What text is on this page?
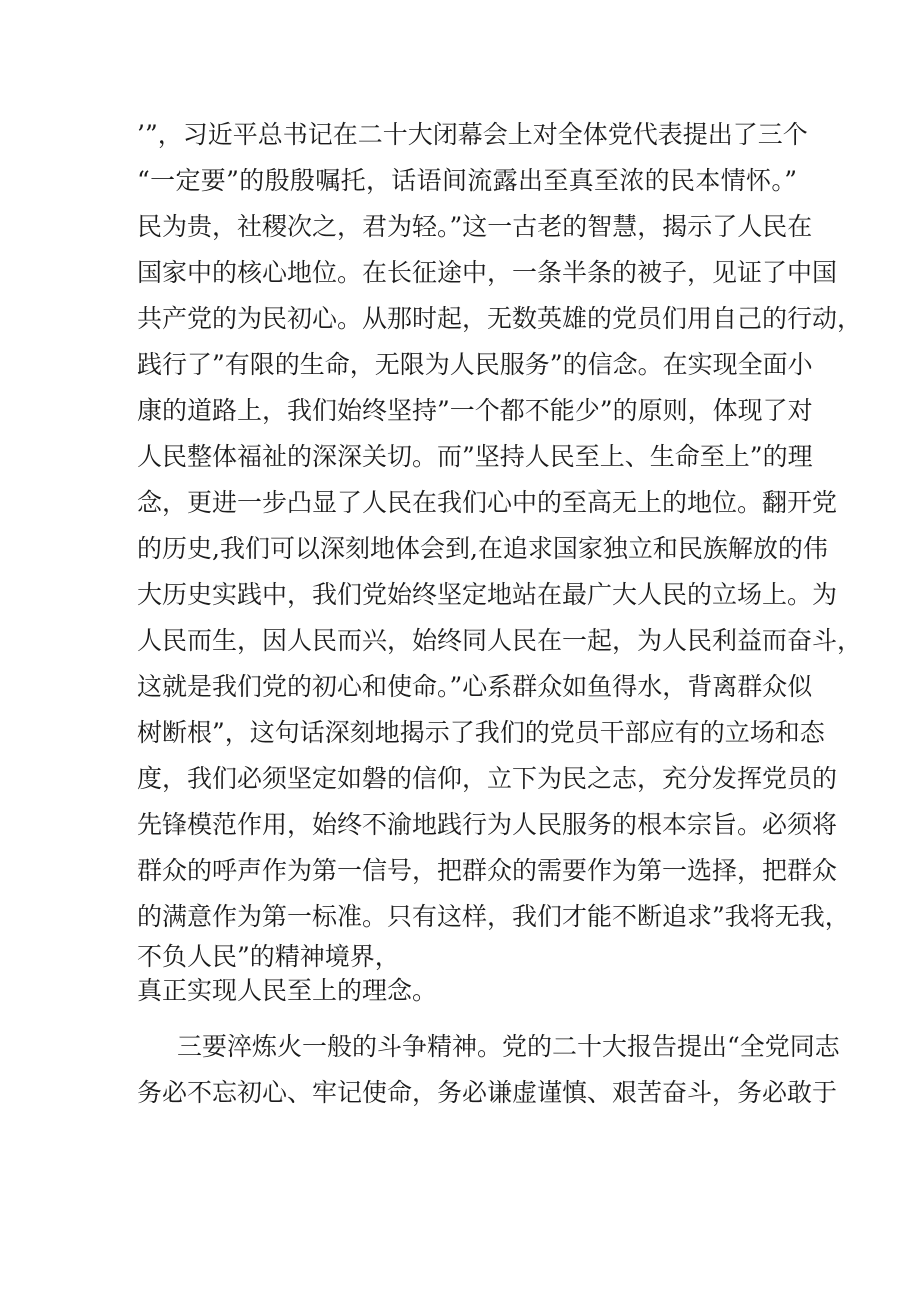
’”，习近平总书记在二十大闭幕会上对全体党代表提出了三个
“一定要”的殷殷嘱托，话语间流露出至真至浓的民本情怀。”
民为贵，社稷次之，君为轻。”这一古老的智慧，揭示了人民在
国家中的核心地位。在长征途中，一条半条的被子，见证了中国
共产党的为民初心。从那时起，无数英雄的党员们用自己的行动，
践行了”有限的生命，无限为人民服务”的信念。在实现全面小
康的道路上，我们始终坚持”一个都不能少”的原则，体现了对
人民整体福祉的深深关切。而”坚持人民至上、生命至上”的理
念，更进一步凸显了人民在我们心中的至高无上的地位。翻开党
的历史,我们可以深刻地体会到,在追求国家独立和民族解放的伟
大历史实践中，我们党始终坚定地站在最广大人民的立场上。为
人民而生，因人民而兴，始终同人民在一起，为人民利益而奋斗，
这就是我们党的初心和使命。”心系群众如鱼得水，背离群众似
树断根”，这句话深刻地揭示了我们的党员干部应有的立场和态
度，我们必须坚定如磐的信仰，立下为民之志，充分发挥党员的
先锋模范作用，始终不渝地践行为人民服务的根本宗旨。必须将
群众的呼声作为第一信号，把群众的需要作为第一选择，把群众
的满意作为第一标准。只有这样，我们才能不断追求”我将无我，
不负人民”的精神境界，
真正实现人民至上的理念。
三要淬炼火一般的斗争精神。党的二十大报告提出“全党同志
务必不忘初心、牢记使命，务必谦虚谨慎、艰苦奋斗，务必敢于
